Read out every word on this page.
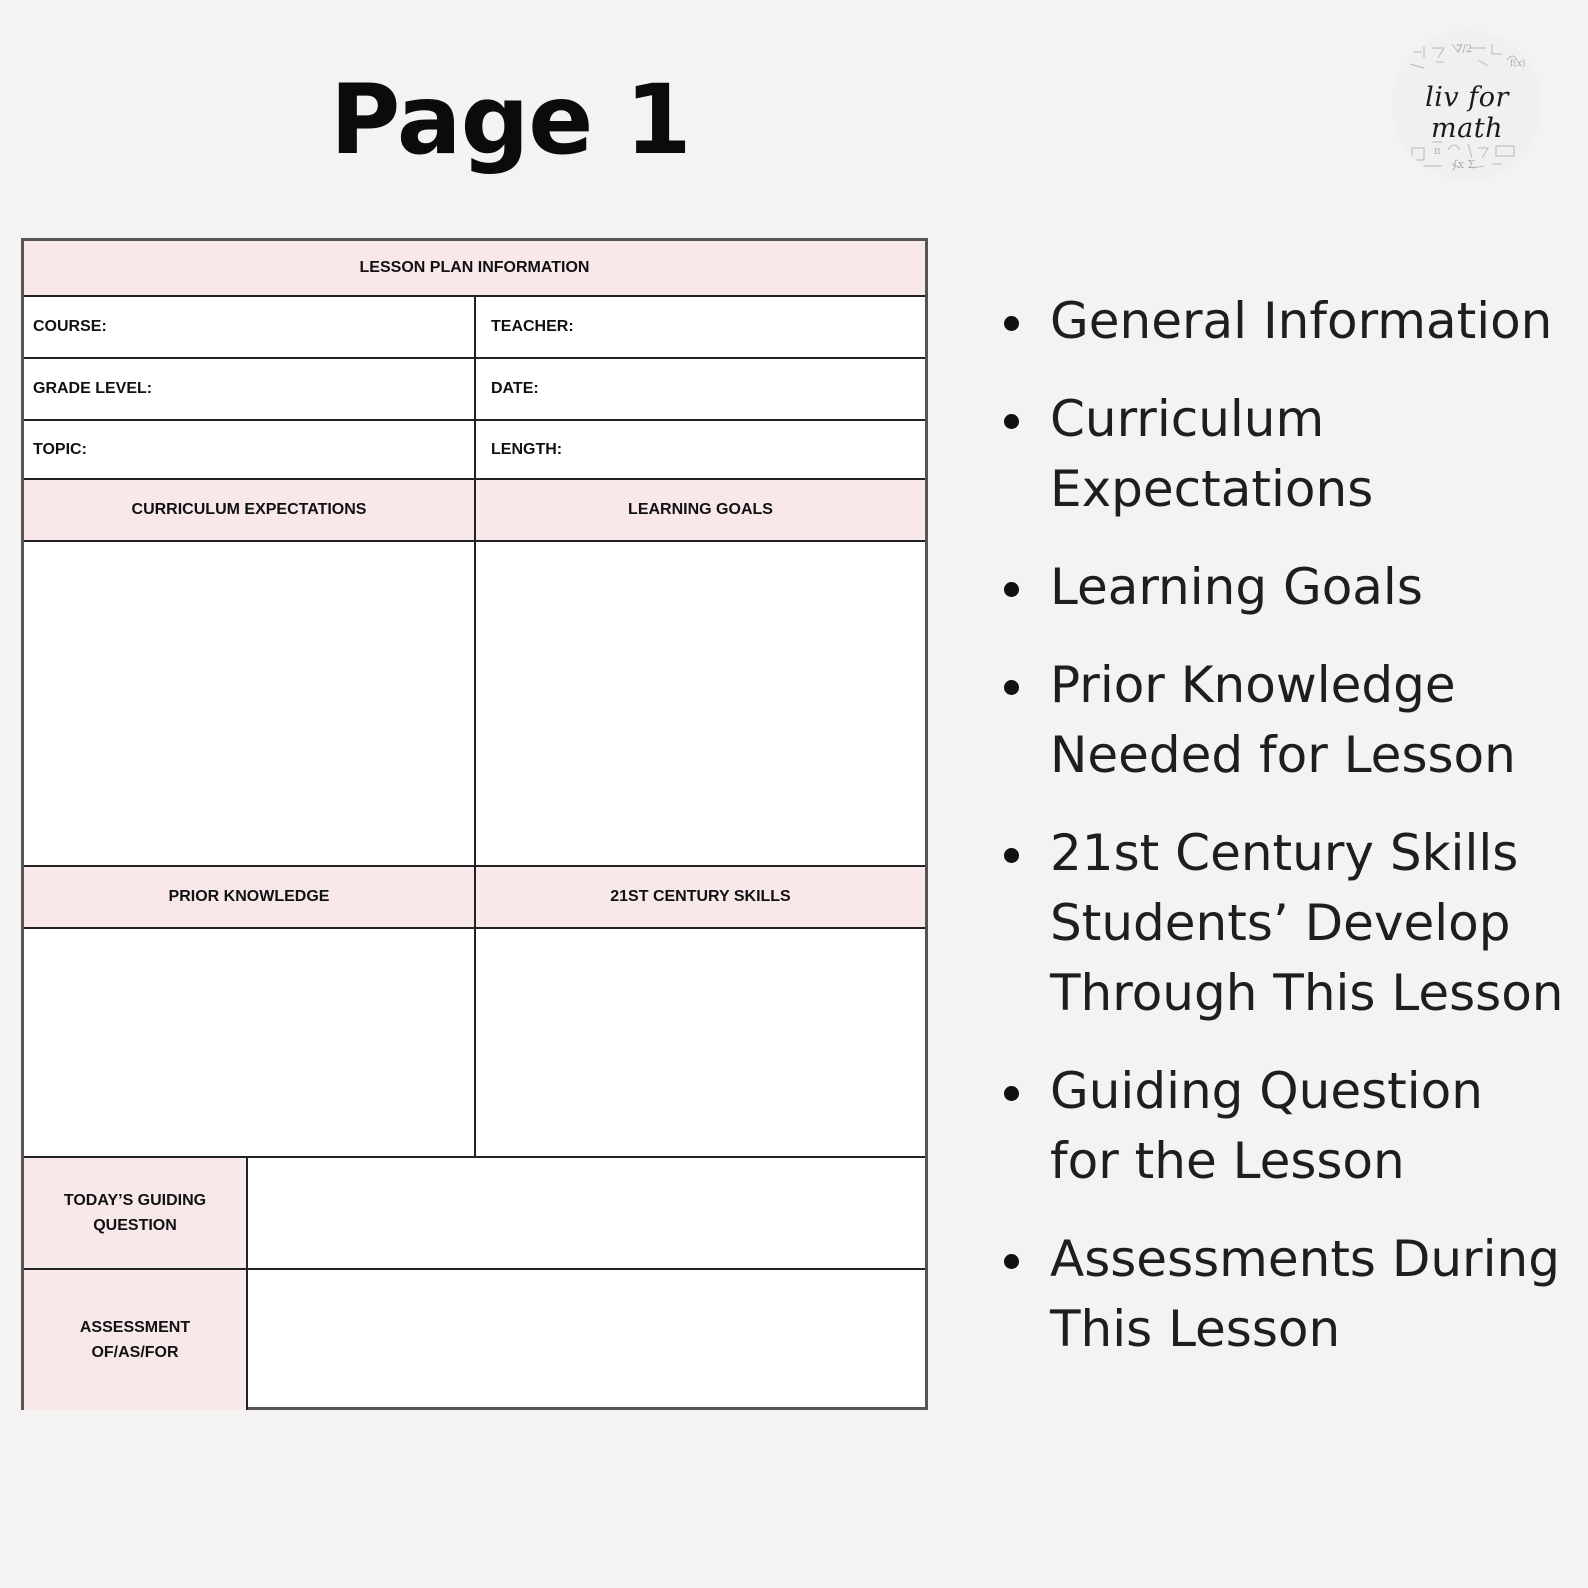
Page 1
7/2
f(x)
π
∫x Σ
liv for math
LESSON PLAN INFORMATION
COURSE:	TEACHER:
GRADE LEVEL:	DATE:
TOPIC:	LENGTH:
CURRICULUM EXPECTATIONS	LEARNING GOALS
PRIOR KNOWLEDGE	21ST CENTURY SKILLS
TODAY’S GUIDING
QUESTION
ASSESSMENT
OF/AS/FOR
General Information
Curriculum
Expectations
Learning Goals
Prior Knowledge
Needed for Lesson
21st Century Skills
Students’ Develop
Through This Lesson
Guiding Question
for the Lesson
Assessments During
This Lesson
